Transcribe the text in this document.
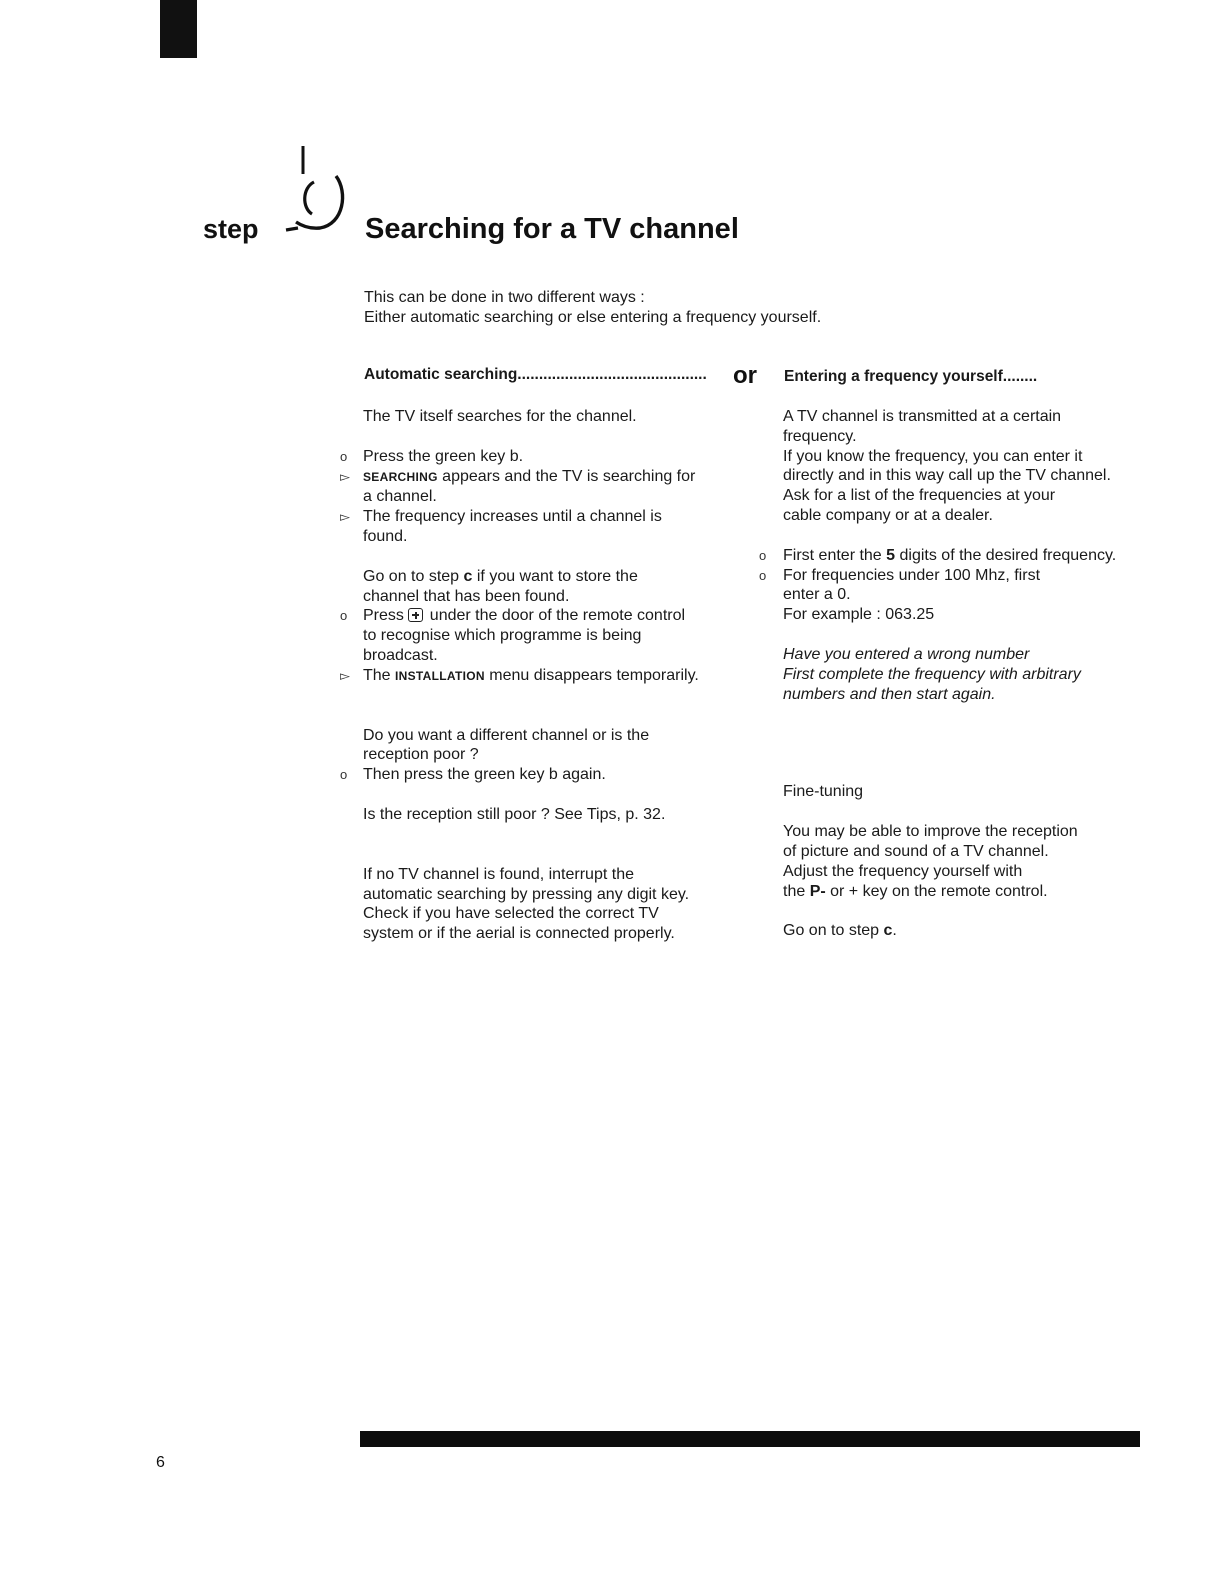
step	Searching for a TV channel
This can be done in two different ways :
Either automatic searching or else entering a frequency yourself.
or
Automatic searching............................................
The TV itself searches for the channel.
o Press the green key b.
▻	SEARCHING appears and the TV is searching for
a channel.
▻ The frequency increases until a channel is
found.
Go on to step c if you want to store the
channel that has been found.
o Press  under the door of the remote control
to recognise which programme is being
broadcast.
▻ The INSTALLATION menu disappears temporarily.
Do you want a different channel or is the
reception poor ?
o Then press the green key b again.
Is the reception still poor ? See Tips, p. 32.
If no TV channel is found, interrupt the
automatic searching by pressing any digit key.
Check if you have selected the correct TV
system or if the aerial is connected properly.
Entering a frequency yourself........
A TV channel is transmitted at a certain
frequency.
If you know the frequency, you can enter it
directly and in this way call up the TV channel.
Ask for a list of the frequencies at your
cable company or at a dealer.
o	First enter the 5 digits of the desired frequency.
o	For frequencies under 100 Mhz, first
enter a 0.
For example : 063.25
Have you entered a wrong number
First complete the frequency with arbitrary
numbers and then start again.
Fine-tuning
You may be able to improve the reception
of picture and sound of a TV channel.
Adjust the frequency yourself with
the P- or + key on the remote control.
Go on to step c.
6
